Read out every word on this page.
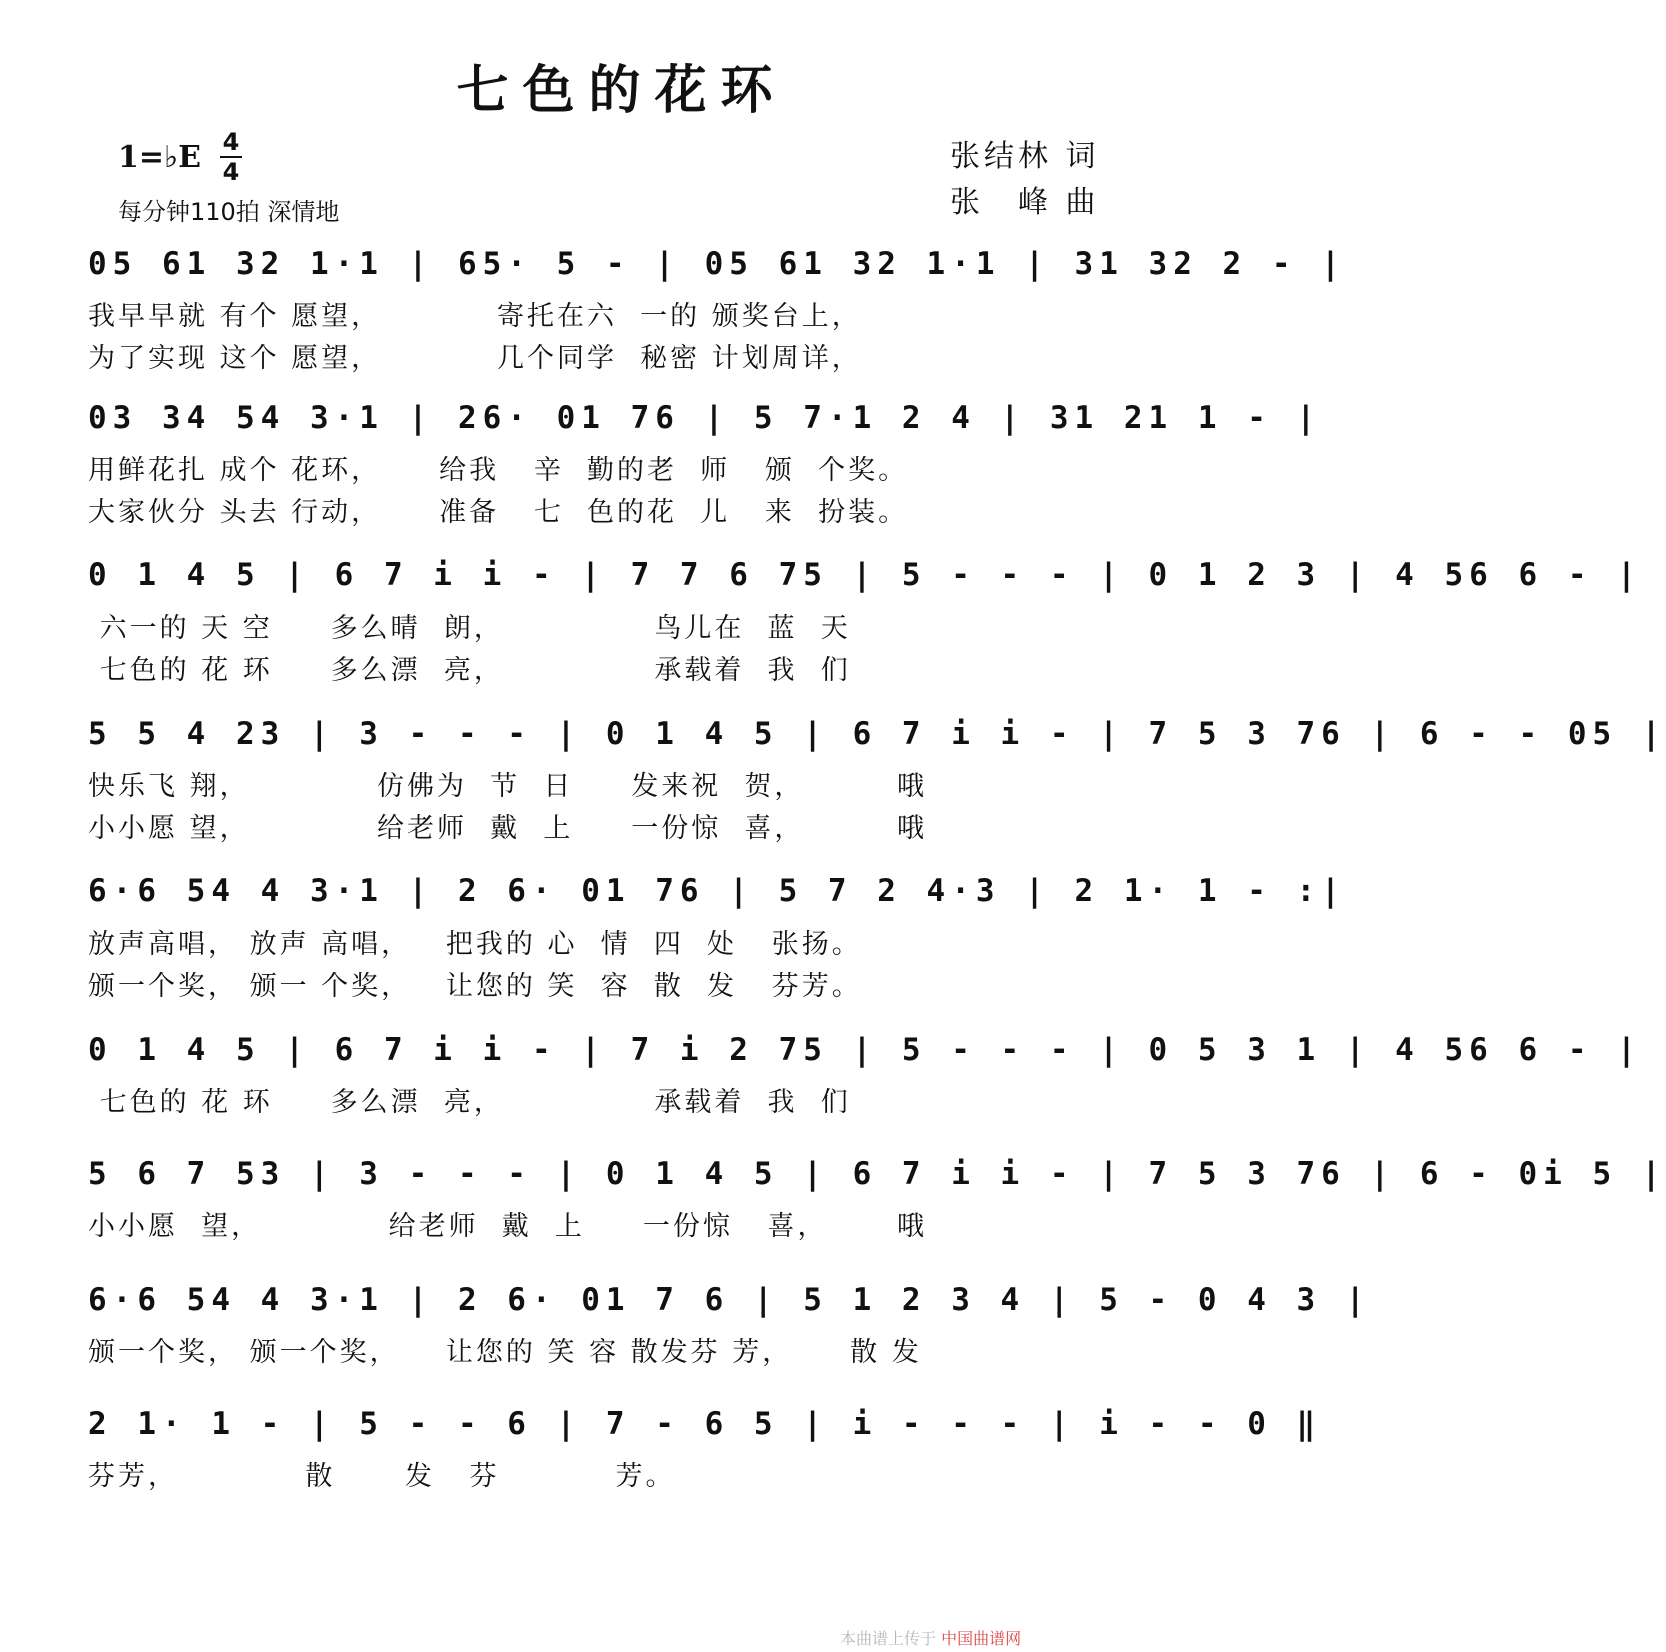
七色的花环
1=♭E 4
4
每分钟110拍 深情地
张结林 词
张　峰 曲
05 61 32 1·1 | 65· 5 - | 05 61 32 1·1 | 31 32 2 - |
我早早就 有个 愿望，          寄托在六  一的 颁奖台上，
为了实现 这个 愿望，          几个同学  秘密 计划周详，
03 34 54 3·1 | 26· 01 76 | 5 7·1 2 4 | 31 21 1 - |
用鲜花扎 成个 花环，     给我   辛  勤的老  师   颁  个奖。
大家伙分 头去 行动，     准备   七  色的花  儿   来  扮装。
0 1 4 5 | 6 7 i i - | 7 7 6 75 | 5 - - - | 0 1 2 3 | 4 56 6 - |
六一的 天 空     多么晴  朗，             鸟儿在  蓝  天
七色的 花 环     多么漂  亮，             承载着  我  们
5 5 4 23 | 3 - - - | 0 1 4 5 | 6 7 i i - | 7 5 3 76 | 6 - - 05 |
快乐飞 翔，           仿佛为  节  日     发来祝  贺，        哦
小小愿 望，           给老师  戴  上     一份惊  喜，        哦
6·6 54 4 3·1 | 2 6· 01 76 | 5 7 2 4·3 | 2 1· 1 - :|
放声高唱， 放声 高唱，   把我的 心  情  四  处   张扬。
颁一个奖， 颁一 个奖，   让您的 笑  容  散  发   芬芳。
0 1 4 5 | 6 7 i i - | 7 i 2 75 | 5 - - - | 0 5 3 1 | 4 56 6 - |
七色的 花 环     多么漂  亮，             承载着  我  们
5 6 7 53 | 3 - - - | 0 1 4 5 | 6 7 i i - | 7 5 3 76 | 6 - 0i 5 |
小小愿  望，           给老师  戴  上     一份惊   喜，      哦
6·6 54 4 3·1 | 2 6· 01 7 6 | 5 1 2 3 4 | 5 - 0 4 3 |
颁一个奖， 颁一个奖，    让您的 笑 容 散发芬 芳，     散 发
2 1· 1 - | 5 - - 6 | 7 - 6 5 | i - - - | i - - 0 ‖
芬芳，           散      发   芬          芳。
本曲谱上传于 中国曲谱网
